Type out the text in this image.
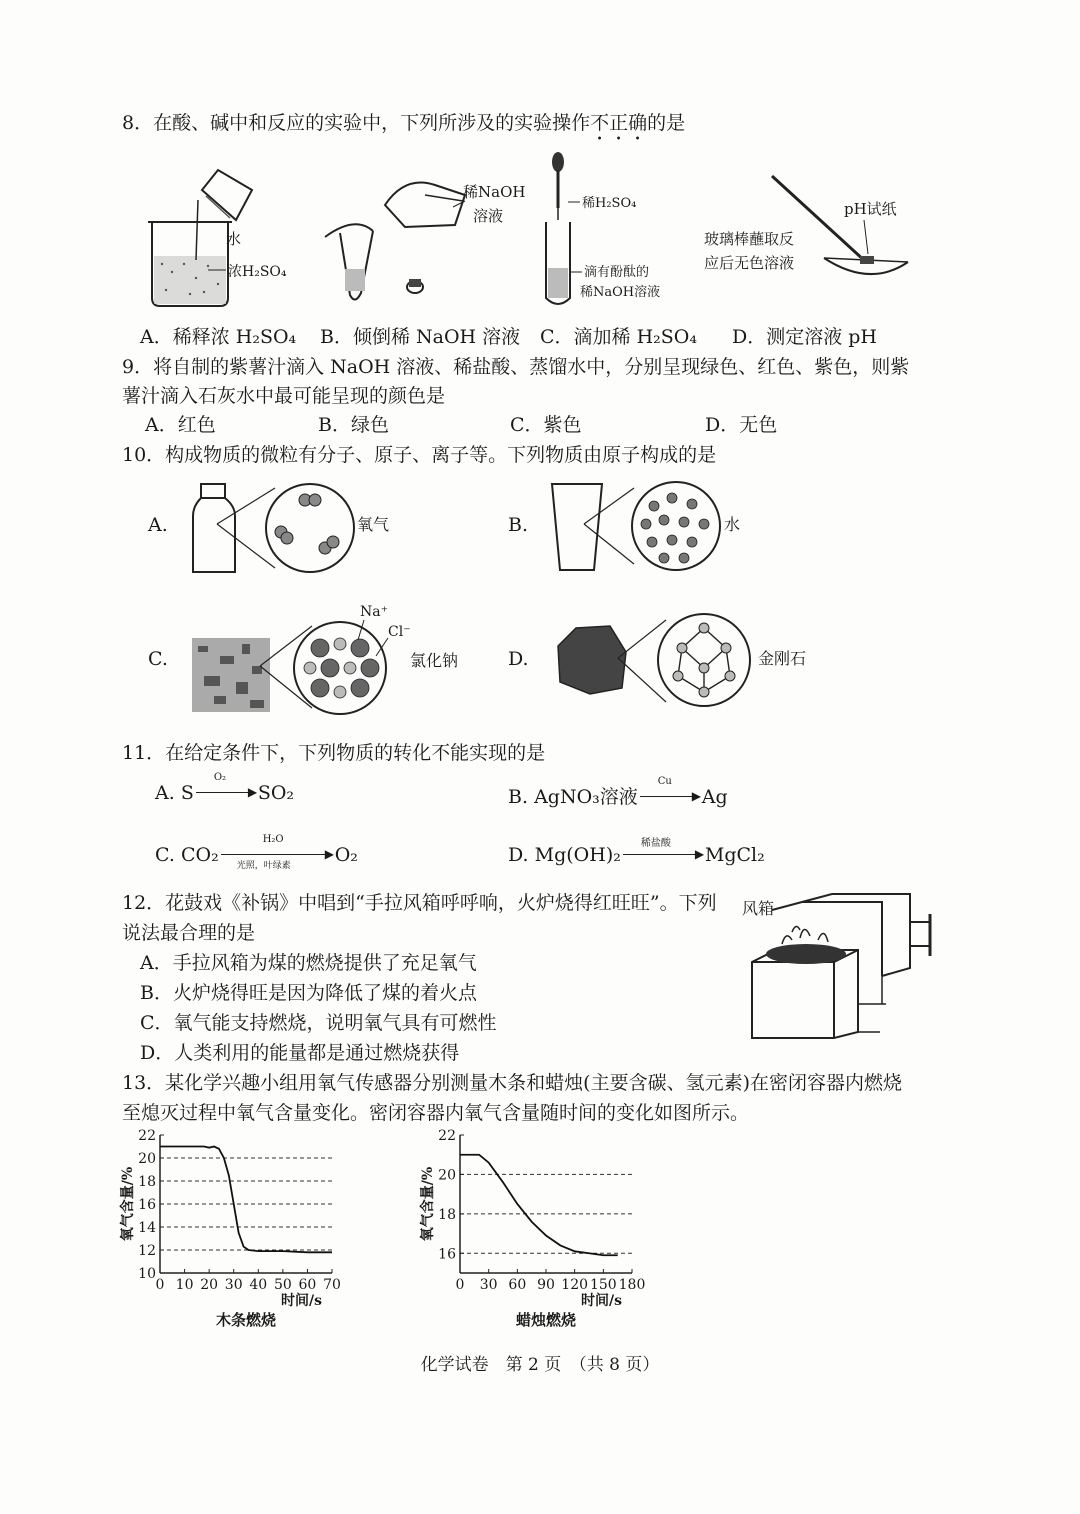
8．在酸、碱中和反应的实验中，下列所涉及的实验操作不正确的是
水
浓H₂SO₄
稀NaOH
溶液
稀H₂SO₄
滴有酚酞的
稀NaOH溶液
pH试纸
玻璃棒蘸取反
应后无色溶液
A．稀释浓 H₂SO₄ B．倾倒稀 NaOH 溶液 C．滴加稀 H₂SO₄ D．测定溶液 pH
9．将自制的紫薯汁滴入 NaOH 溶液、稀盐酸、蒸馏水中，分别呈现绿色、红色、紫色，则紫
薯汁滴入石灰水中最可能呈现的颜色是
A．红色	B．绿色	C．紫色	D．无色
10．构成物质的微粒有分子、原子、离子等。下列物质由原子构成的是
A.	氧气	B.	水
C.
Na⁺
Cl⁻
氯化钠	D.	金刚石
11．在给定条件下，下列物质的转化不能实现的是
A. S
O₂
▶ SO₂	B. AgNO₃溶液
Cu
▶ Ag
C. CO₂
H₂O
▶
光照，叶绿素 O₂	D. Mg(OH)₂
稀盐酸
▶ MgCl₂
12．花鼓戏《补锅》中唱到“手拉风箱呼呼响，火炉烧得红旺旺”。下列
说法最合理的是
A．手拉风箱为煤的燃烧提供了充足氧气
B．火炉烧得旺是因为降低了煤的着火点
C．氧气能支持燃烧，说明氧气具有可燃性
D．人类利用的能量都是通过燃烧获得
风箱
13．某化学兴趣小组用氧气传感器分别测量木条和蜡烛(主要含碳、氢元素)在密闭容器内燃烧
至熄灭过程中氧气含量变化。密闭容器内氧气含量随时间的变化如图所示。
10
12
14
16
18
20
22
0 10 20 30 40 50 60 70
氧气含量/%
时间/s
木条燃烧
16
18
20
22
0 30 60 90 120 150 180
氧气含量/%
时间/s
蜡烛燃烧
化学试卷　第 2 页　（共 8 页）
